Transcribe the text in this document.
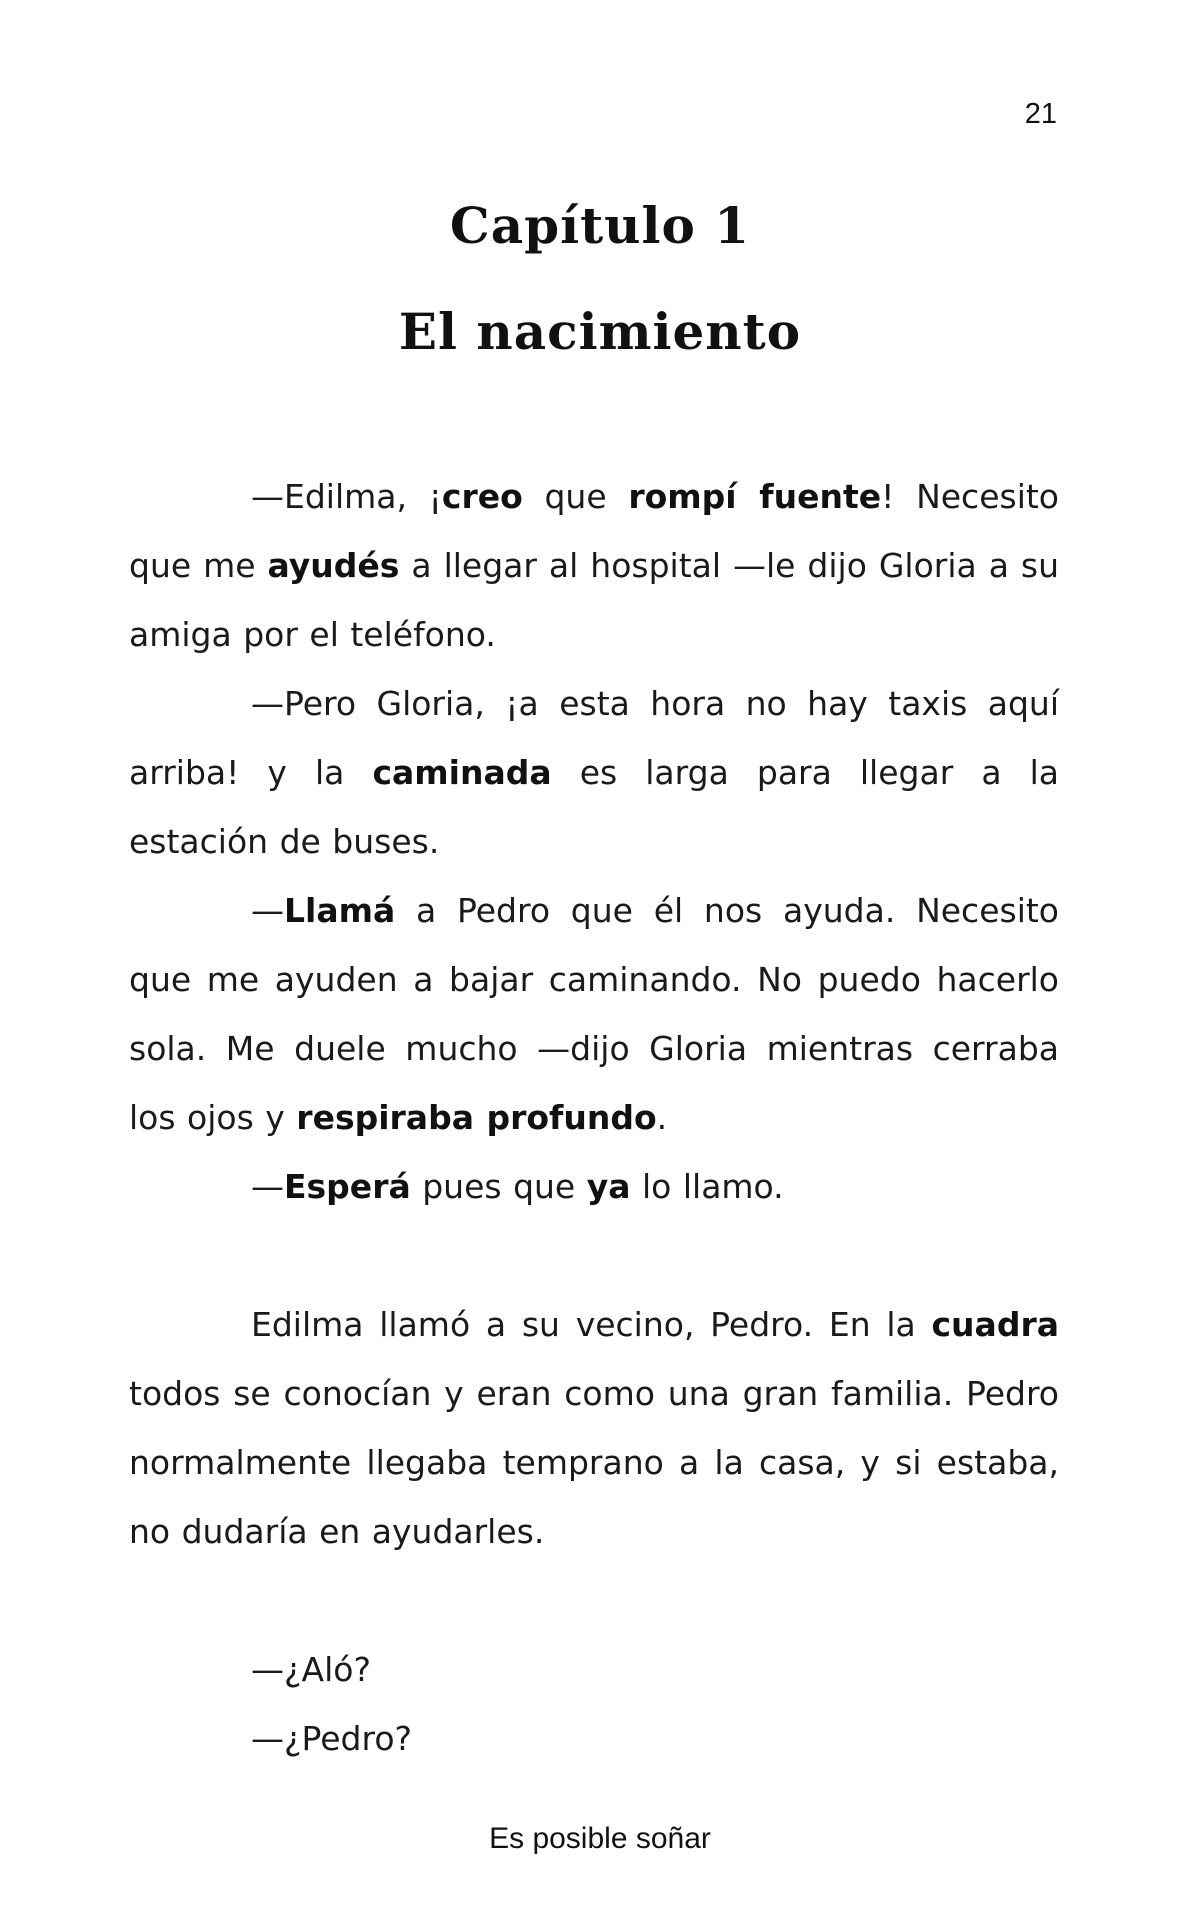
21
Capítulo 1
El nacimiento

—Edilma, ¡creo que rompí fuente! Necesito que me ayudés a llegar al hospital —le dijo Gloria a su amiga por el teléfono.

—Pero Gloria, ¡a esta hora no hay taxis aquí arriba! y la caminada es larga para llegar a la estación de buses.

—Llamá a Pedro que él nos ayuda. Necesito que me ayuden a bajar caminando. No puedo hacerlo sola. Me duele mucho —dijo Gloria mientras cerraba los ojos y respiraba profundo.

—Esperá pues que ya lo llamo.

Edilma llamó a su vecino, Pedro. En la cuadra todos se conocían y eran como una gran familia. Pedro normalmente llegaba temprano a la casa, y si estaba, no dudaría en ayudarles.

—¿Aló?

—¿Pedro?

Es posible soñar
